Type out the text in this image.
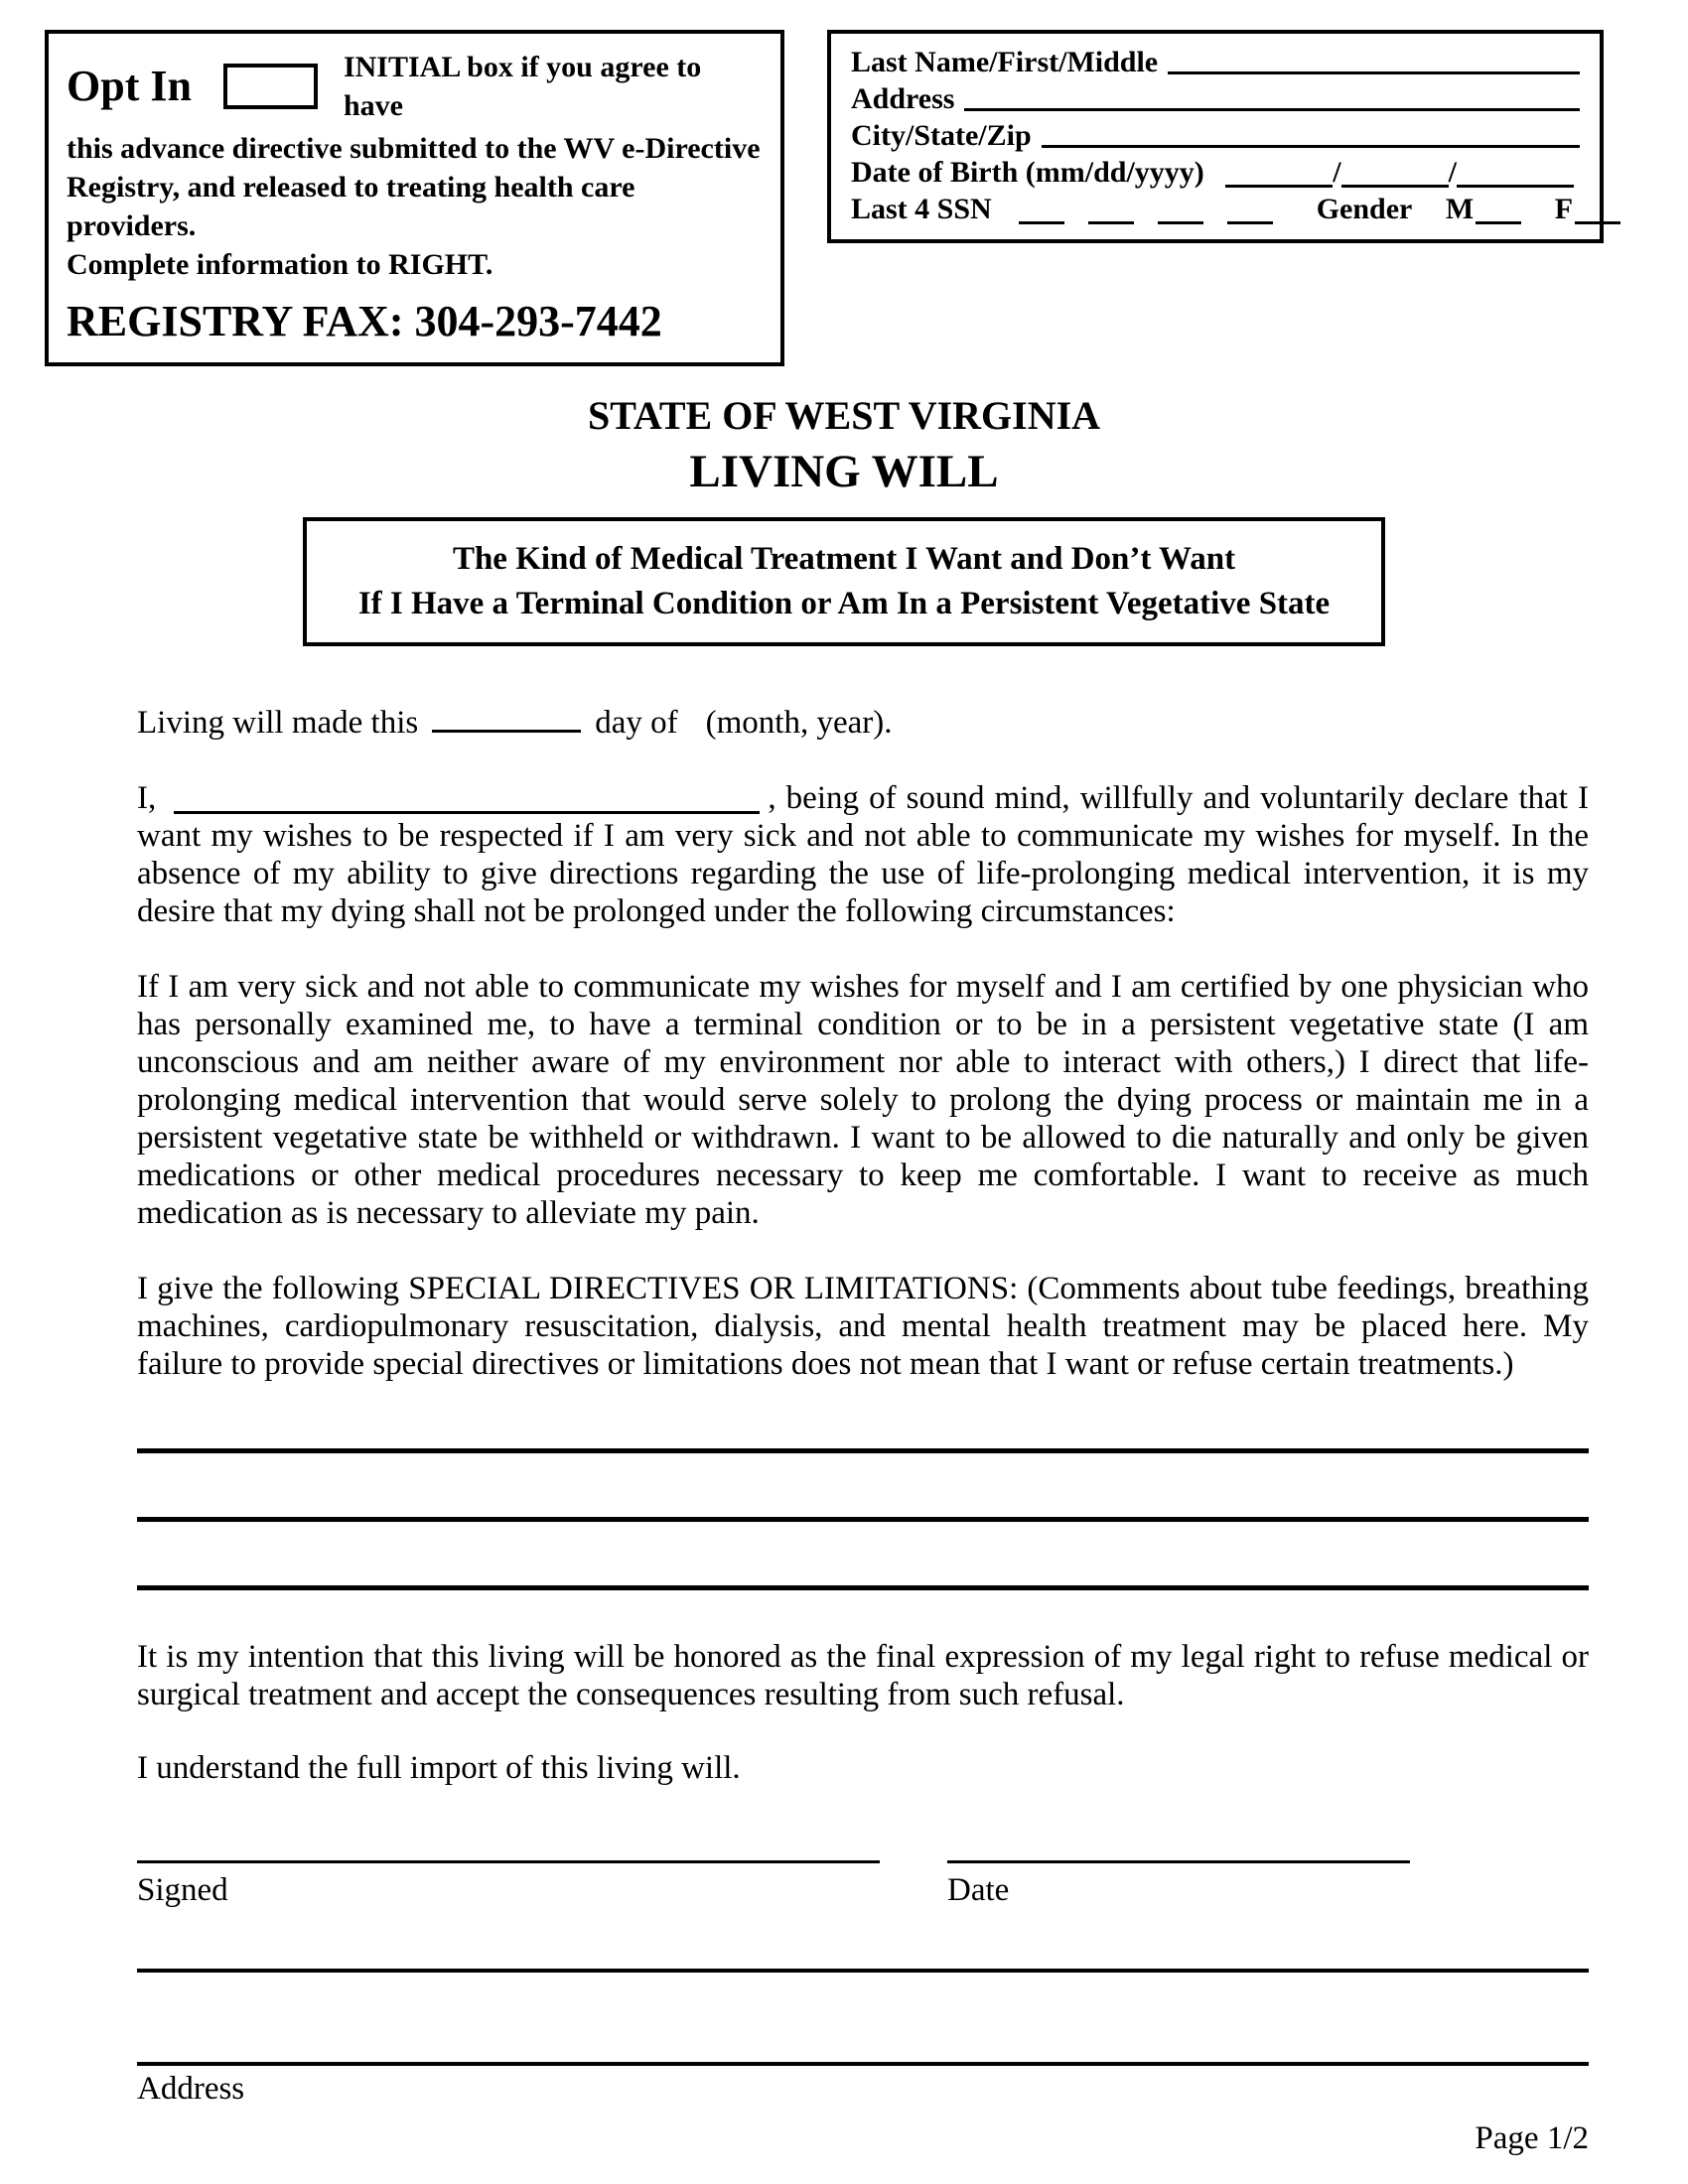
Opt In	INITIAL box if you agree to have
this advance directive submitted to the WV e-Directive
Registry, and released to treating health care providers.
Complete information to RIGHT.
REGISTRY FAX: 304-293-7442
Last Name/First/Middle
Address
City/State/Zip
Date of Birth (mm/dd/yyyy)	/	/
Last 4 SSN	Gender M	F
STATE OF WEST VIRGINIA
LIVING WILL
The Kind of Medical Treatment I Want and Don’t Want
If I Have a Terminal Condition or Am In a Persistent Vegetative State
Living will made this	day of (month, year).

I,	, being of sound mind, willfully and voluntarily declare that I want my wishes to be respected if I am very sick and not able to communicate my wishes for myself. In the absence of my ability to give directions regarding the use of life-prolonging medical intervention, it is my desire that my dying shall not be prolonged under the following circumstances:

If I am very sick and not able to communicate my wishes for myself and I am certified by one physician who has personally examined me, to have a terminal condition or to be in a persistent vegetative state (I am unconscious and am neither aware of my environment nor able to interact with others,) I direct that life-prolonging medical intervention that would serve solely to prolong the dying process or maintain me in a persistent vegetative state be withheld or withdrawn. I want to be allowed to die naturally and only be given medications or other medical procedures necessary to keep me comfortable. I want to receive as much medication as is necessary to alleviate my pain.

I give the following SPECIAL DIRECTIVES OR LIMITATIONS: (Comments about tube feedings, breathing machines, cardiopulmonary resuscitation, dialysis, and mental health treatment may be placed here. My failure to provide special directives or limitations does not mean that I want or refuse certain treatments.)

It is my intention that this living will be honored as the final expression of my legal right to refuse medical or surgical treatment and accept the consequences resulting from such refusal.

I understand the full import of this living will.

Signed	Date
Address
Page 1/2
